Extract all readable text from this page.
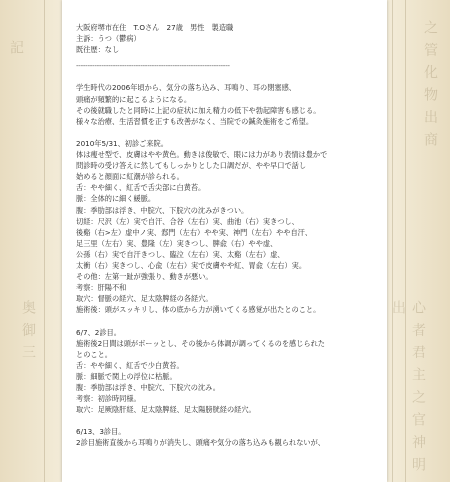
記
奥 御 三
之 管 化 物 出 商
心 者 君 主 之 官 神 明 出
大阪府堺市在住　T.Oさん　27歳　男性　製造職
主訴：うつ（鬱病）
既往歴：なし
-------------------------------------------------------------------
学生時代の2006年頃から、気分の落ち込み、耳鳴り、耳の閉塞感、
頭痛が頻繁的に起こるようになる。
その後就職したと同時に上記の症状に加え精力の低下や勃起障害も感じる。
様々な治療、生活習慣を正すも改善がなく、当院での鍼灸施術をご希望。
2010年5/31、初診ご来院。
体は痩せ型で、皮膚はやや黄色。動きは俊敏で、眼には力があり表情は豊かで
問診時の受け答えに然してもしっかりとした口調だが、やや早口で話し
始めると顔面に紅潮が診られる。
舌：やや細く、紅舌で舌尖部に白黄苔。
脈：全体的に細く緩脈。
腹：季肋部は浮き、中脘穴、下脘穴の沈みがきつい。
切経：尺沢（左）実で自汗、合谷（左右）実、曲池（右）実きつし、
後谿（右>左）虚中ノ実、郄門（左右）やや実、神門（左右）やや自汗、
足三里（左右）実、豊隆（左）実きつし、脾兪（右）やや虚、
公孫（右）実で自汗きつし、臨泣（左右）実、太谿（左右）虚、
太衝（右）実きつし、心兪（左右）実で皮膚やや紅、胃兪（左右）実。
その他：左第一趾が強張り、動きが悪い。
考察：肝陽不和
取穴：督脈の経穴、足太陰脾経の各経穴。
施術後：頭がスッキリし、体の底から力が湧いてくる感覚が出たとのこと。
6/7、2診目。
施術後2日間は頭がボーッとし、その後から体調が調ってくるのを感じられた
とのこと。
舌：やや細く、紅舌で少白黄苔。
脈：細脈で関上の浮位に枯脈。
腹：季肋部は浮き、中脘穴、下脘穴の沈み。
考察：初診時同様。
取穴：足厥陰肝経、足太陰脾経、足太陽膀胱経の経穴。
6/13、3診目。
2診目施術直後から耳鳴りが消失し、頭痛や気分の落ち込みも観られないが、
